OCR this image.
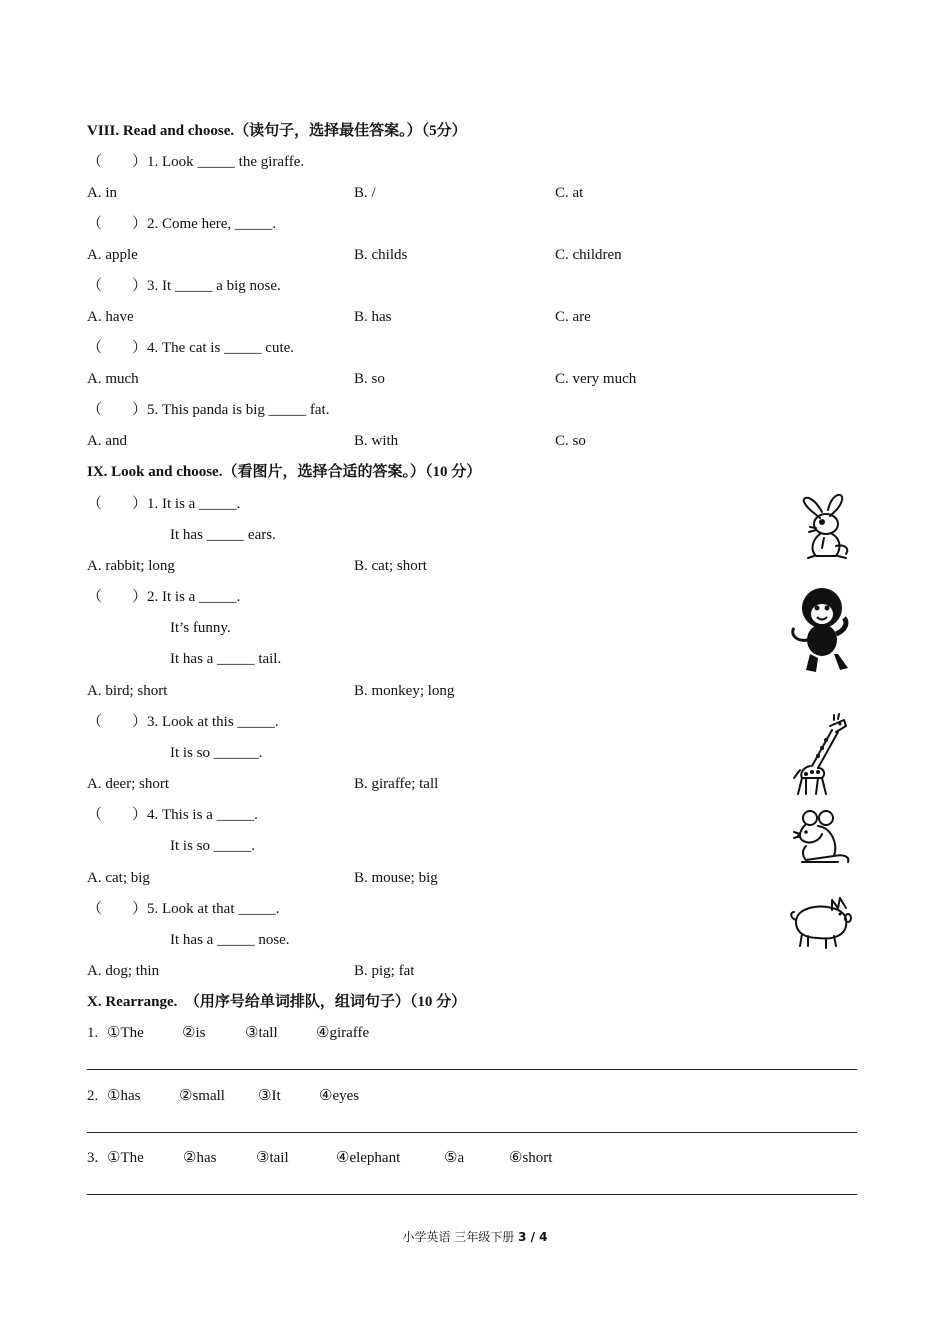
VIII. Read and choose.（读句子，选择最佳答案。）（5分）
（　　）1. Look _____ the giraffe.
A. in	B. /	C. at
（　　）2. Come here, _____.
A. apple	B. childs	C. children
（　　）3. It _____ a big nose.
A. have	B. has	C. are
（　　）4. The cat is _____ cute.
A. much	B. so	C. very much
（　　）5. This panda is big _____ fat.
A. and	B. with	C. so
IX. Look and choose.（看图片，选择合适的答案。）（10 分）
（　　）1. It is a _____.
It has _____ ears.
A. rabbit; long	B. cat; short
（　　）2. It is a _____.
It’s funny.
It has a _____ tail.
A. bird; short	B. monkey; long
（　　）3. Look at this _____.
It is so ______.
A. deer; short	B. giraffe; tall
（　　）4. This is a _____.
It is so _____.
A. cat; big	B. mouse; big
（　　）5. Look at that _____.
It has a _____ nose.
A. dog; thin	B. pig; fat
X. Rearrange.  （用序号给单词排队，组词句子）（10 分）
1. ①The	②is	③tall	④giraffe
2. ①has	②small ③It	④eyes
3. ①The	②has	③tail	④elephant	⑤a	⑥short
小学英语 三年级下册 3 / 4
